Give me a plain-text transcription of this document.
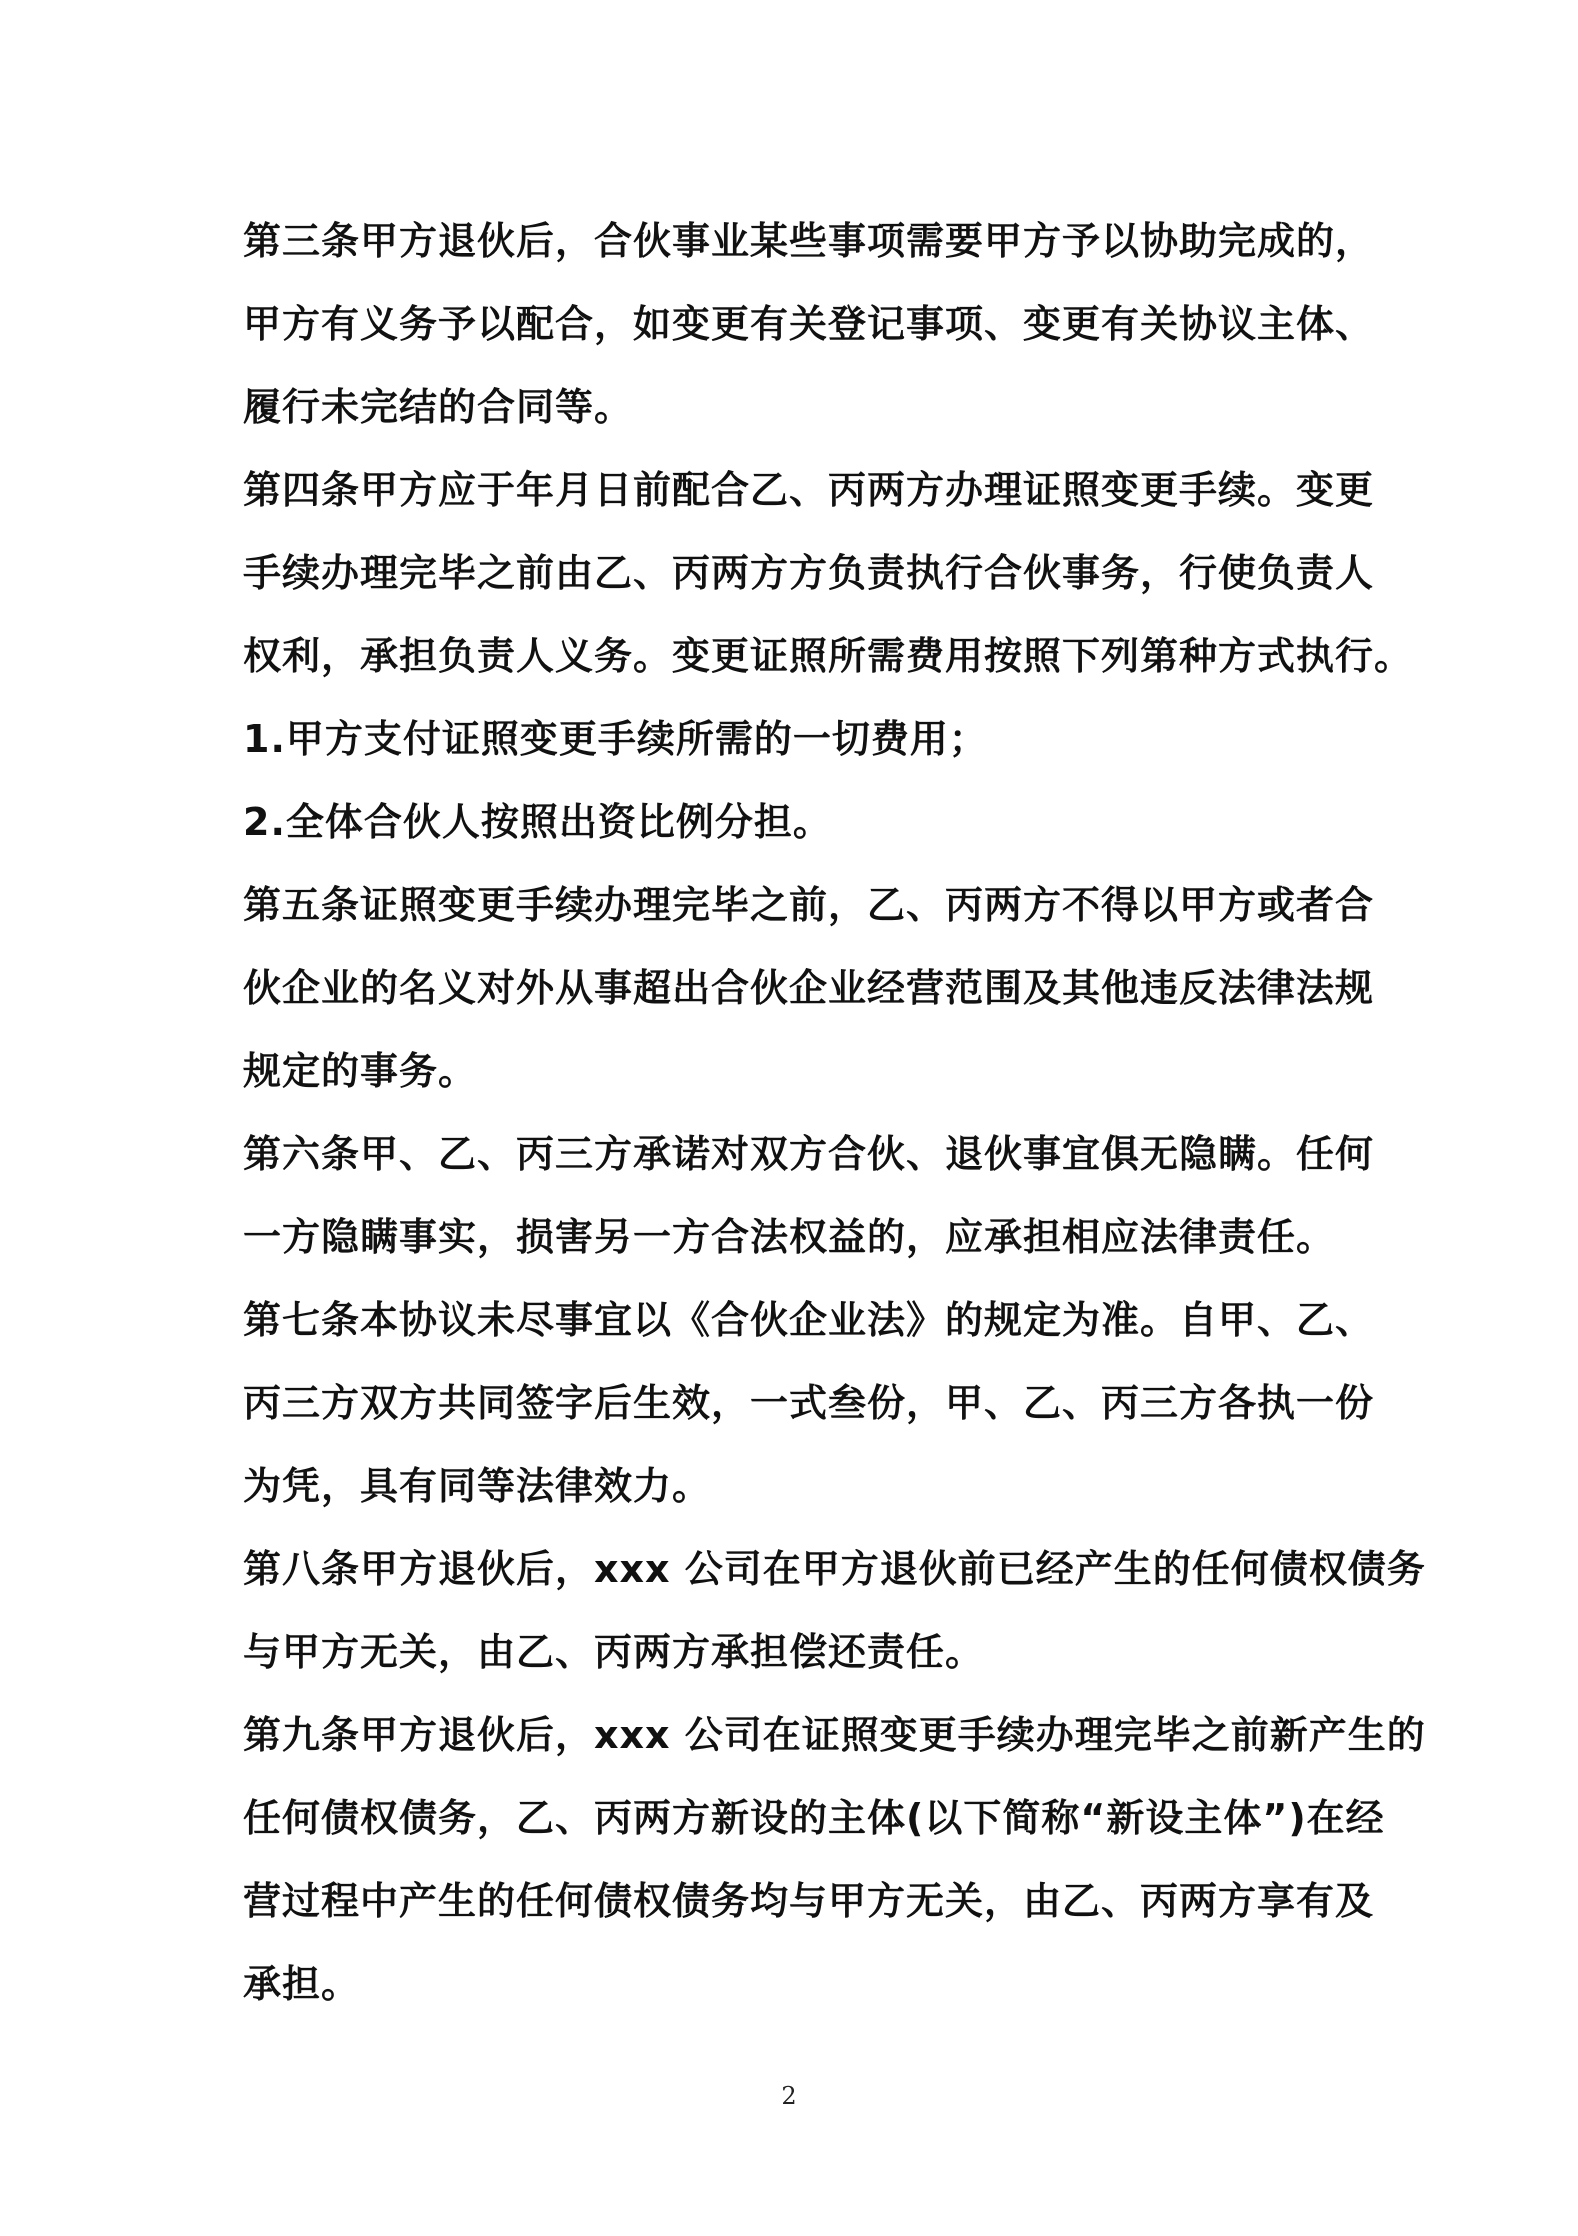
第三条甲方退伙后，合伙事业某些事项需要甲方予以协助完成的，
甲方有义务予以配合，如变更有关登记事项、变更有关协议主体、
履行未完结的合同等。
第四条甲方应于年月日前配合乙、丙两方办理证照变更手续。变更
手续办理完毕之前由乙、丙两方方负责执行合伙事务，行使负责人
权利，承担负责人义务。变更证照所需费用按照下列第种方式执行。
1.甲方支付证照变更手续所需的一切费用；
2.全体合伙人按照出资比例分担。
第五条证照变更手续办理完毕之前，乙、丙两方不得以甲方或者合
伙企业的名义对外从事超出合伙企业经营范围及其他违反法律法规
规定的事务。
第六条甲、乙、丙三方承诺对双方合伙、退伙事宜俱无隐瞒。任何
一方隐瞒事实，损害另一方合法权益的，应承担相应法律责任。
第七条本协议未尽事宜以《合伙企业法》的规定为准。自甲、乙、
丙三方双方共同签字后生效，一式叁份，甲、乙、丙三方各执一份
为凭，具有同等法律效力。
第八条甲方退伙后，xxx 公司在甲方退伙前已经产生的任何债权债务
与甲方无关，由乙、丙两方承担偿还责任。
第九条甲方退伙后，xxx 公司在证照变更手续办理完毕之前新产生的
任何债权债务，乙、丙两方新设的主体(以下简称“新设主体”)在经
营过程中产生的任何债权债务均与甲方无关，由乙、丙两方享有及
承担。
2
